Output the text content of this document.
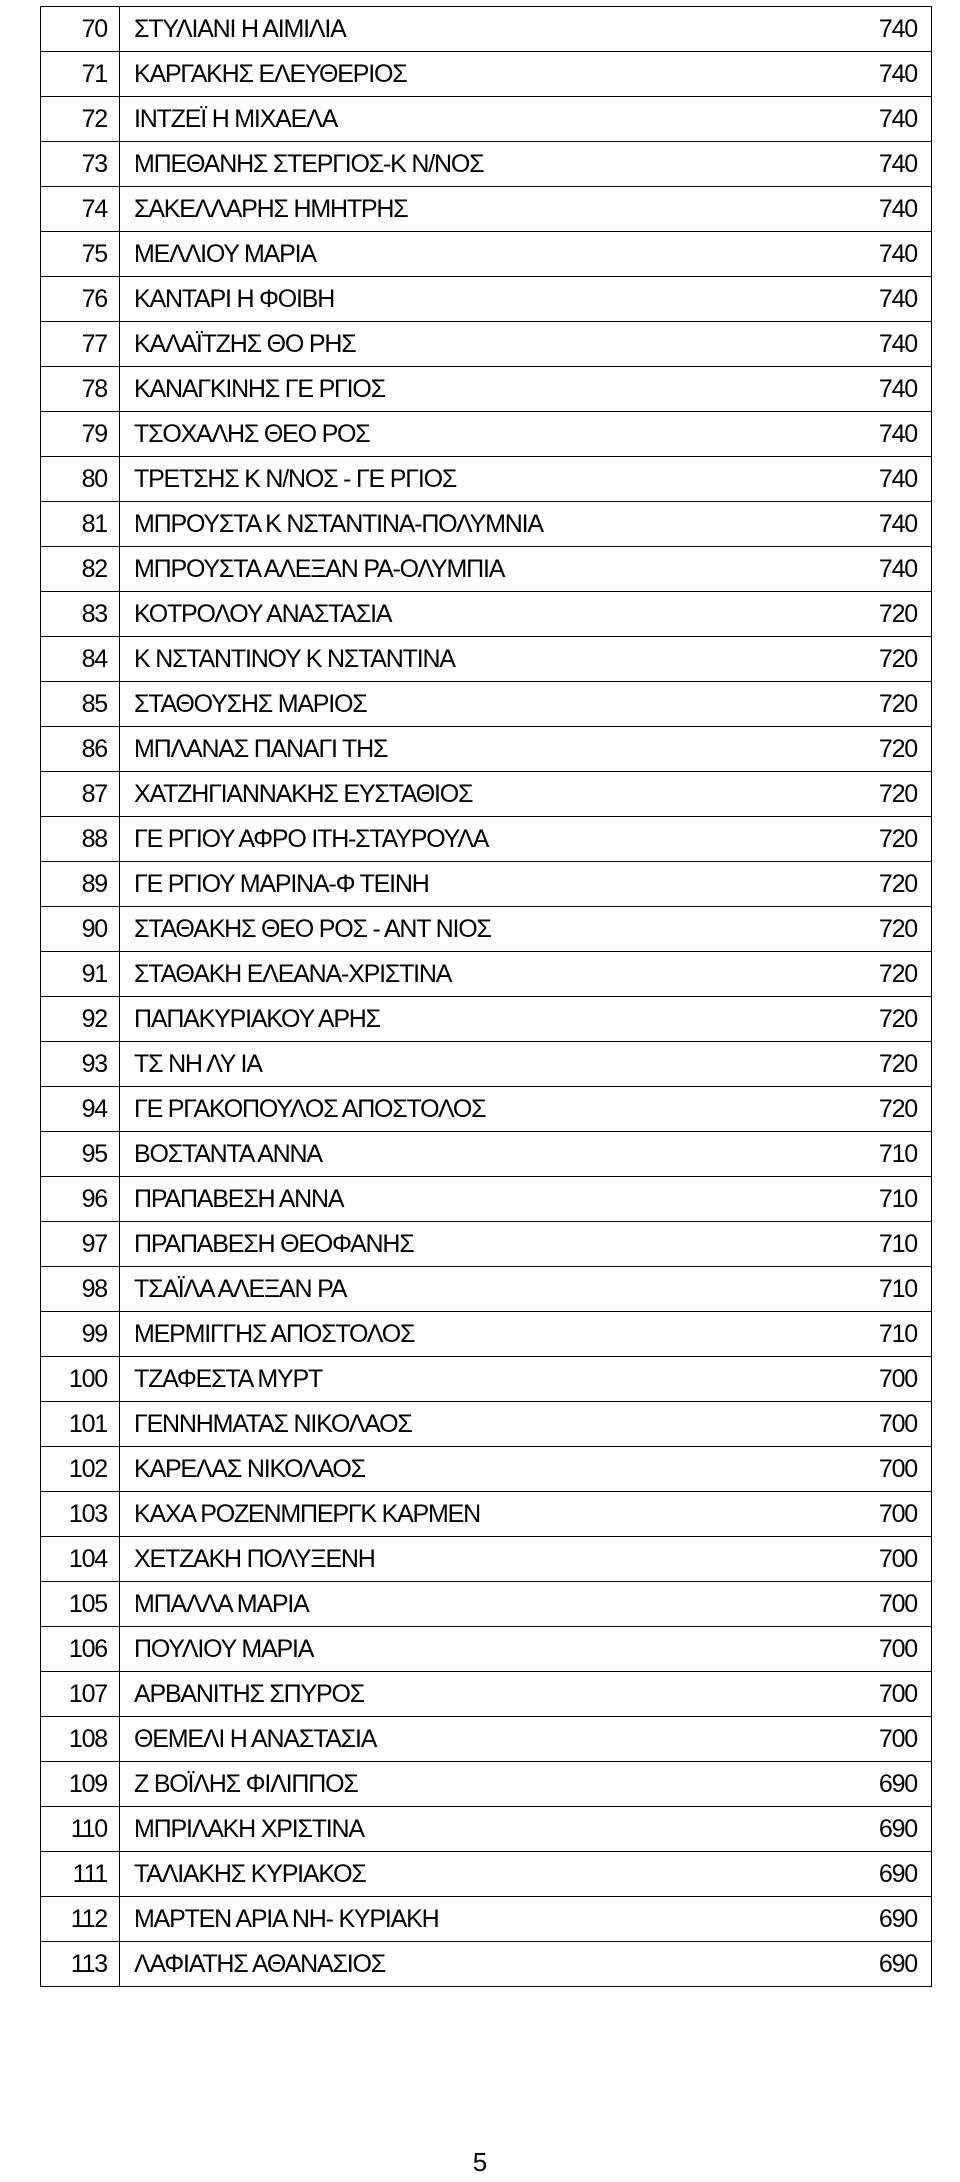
70	ΣΤΥΛΙΑΝΙ Η ΑΙΜΙΛΙΑ	740
71	ΚΑΡΓΑΚΗΣ ΕΛΕΥΘΕΡΙΟΣ	740
72	ΙΝΤΖΕΪ Η ΜΙΧΑΕΛΑ	740
73	ΜΠΕΘΑΝΗΣ ΣΤΕΡΓΙΟΣ-Κ Ν/ΝΟΣ	740
74	ΣΑΚΕΛΛΑΡΗΣ ΗΜΗΤΡΗΣ	740
75	ΜΕΛΛΙΟΥ ΜΑΡΙΑ	740
76	ΚΑΝΤΑΡΙ Η ΦΟΙΒΗ	740
77	ΚΑΛΑΪΤΖΗΣ ΘΟ ΡΗΣ	740
78	ΚΑΝΑΓΚΙΝΗΣ ΓΕ ΡΓΙΟΣ	740
79	ΤΣΟΧΑΛΗΣ ΘΕΟ ΡΟΣ	740
80	ΤΡΕΤΣΗΣ Κ Ν/ΝΟΣ - ΓΕ ΡΓΙΟΣ	740
81	ΜΠΡΟΥΣΤΑ Κ ΝΣΤΑΝΤΙΝΑ-ΠΟΛΥΜΝΙΑ	740
82	ΜΠΡΟΥΣΤΑ ΑΛΕΞΑΝ ΡΑ-ΟΛΥΜΠΙΑ	740
83	ΚΟΤΡΟΛΟΥ ΑΝΑΣΤΑΣΙΑ	720
84	Κ ΝΣΤΑΝΤΙΝΟΥ Κ ΝΣΤΑΝΤΙΝΑ	720
85	ΣΤΑΘΟΥΣΗΣ ΜΑΡΙΟΣ	720
86	ΜΠΛΑΝΑΣ ΠΑΝΑΓΙ ΤΗΣ	720
87	ΧΑΤΖΗΓΙΑΝΝΑΚΗΣ ΕΥΣΤΑΘΙΟΣ	720
88	ΓΕ ΡΓΙΟΥ ΑΦΡΟ ΙΤΗ-ΣΤΑΥΡΟΥΛΑ	720
89	ΓΕ ΡΓΙΟΥ ΜΑΡΙΝΑ-Φ ΤΕΙΝΗ	720
90	ΣΤΑΘΑΚΗΣ ΘΕΟ ΡΟΣ - ΑΝΤ ΝΙΟΣ	720
91	ΣΤΑΘΑΚΗ ΕΛΕΑΝΑ-ΧΡΙΣΤΙΝΑ	720
92	ΠΑΠΑΚΥΡΙΑΚΟΥ ΑΡΗΣ	720
93	ΤΣ ΝΗ ΛΥ ΙΑ	720
94	ΓΕ ΡΓΑΚΟΠΟΥΛΟΣ ΑΠΟΣΤΟΛΟΣ	720
95	ΒΟΣΤΑΝΤΑ ΑΝΝΑ	710
96	ΠΡΑΠΑΒΕΣΗ ΑΝΝΑ	710
97	ΠΡΑΠΑΒΕΣΗ ΘΕΟΦΑΝΗΣ	710
98	ΤΣΑΪΛΑ ΑΛΕΞΑΝ ΡΑ	710
99	ΜΕΡΜΙΓΓΗΣ ΑΠΟΣΤΟΛΟΣ	710
100	ΤΖΑΦΕΣΤΑ ΜΥΡΤ	700
101	ΓΕΝΝΗΜΑΤΑΣ ΝΙΚΟΛΑΟΣ	700
102	ΚΑΡΕΛΑΣ ΝΙΚΟΛΑΟΣ	700
103	ΚΑΧΑ ΡΟΖΕΝΜΠΕΡΓΚ ΚΑΡΜΕΝ	700
104	ΧΕΤΖΑΚΗ ΠΟΛΥΞΕΝΗ	700
105	ΜΠΑΛΛΑ ΜΑΡΙΑ	700
106	ΠΟΥΛΙΟΥ ΜΑΡΙΑ	700
107	ΑΡΒΑΝΙΤΗΣ ΣΠΥΡΟΣ	700
108	ΘΕΜΕΛΙ Η ΑΝΑΣΤΑΣΙΑ	700
109	Ζ ΒΟΪΛΗΣ ΦΙΛΙΠΠΟΣ	690
110	ΜΠΡΙΛΑΚΗ ΧΡΙΣΤΙΝΑ	690
111	ΤΑΛΙΑΚΗΣ ΚΥΡΙΑΚΟΣ	690
112	ΜΑΡΤΕΝ ΑΡΙΑ ΝΗ- ΚΥΡΙΑΚΗ	690
113	ΛΑΦΙΑΤΗΣ ΑΘΑΝΑΣΙΟΣ	690
5
